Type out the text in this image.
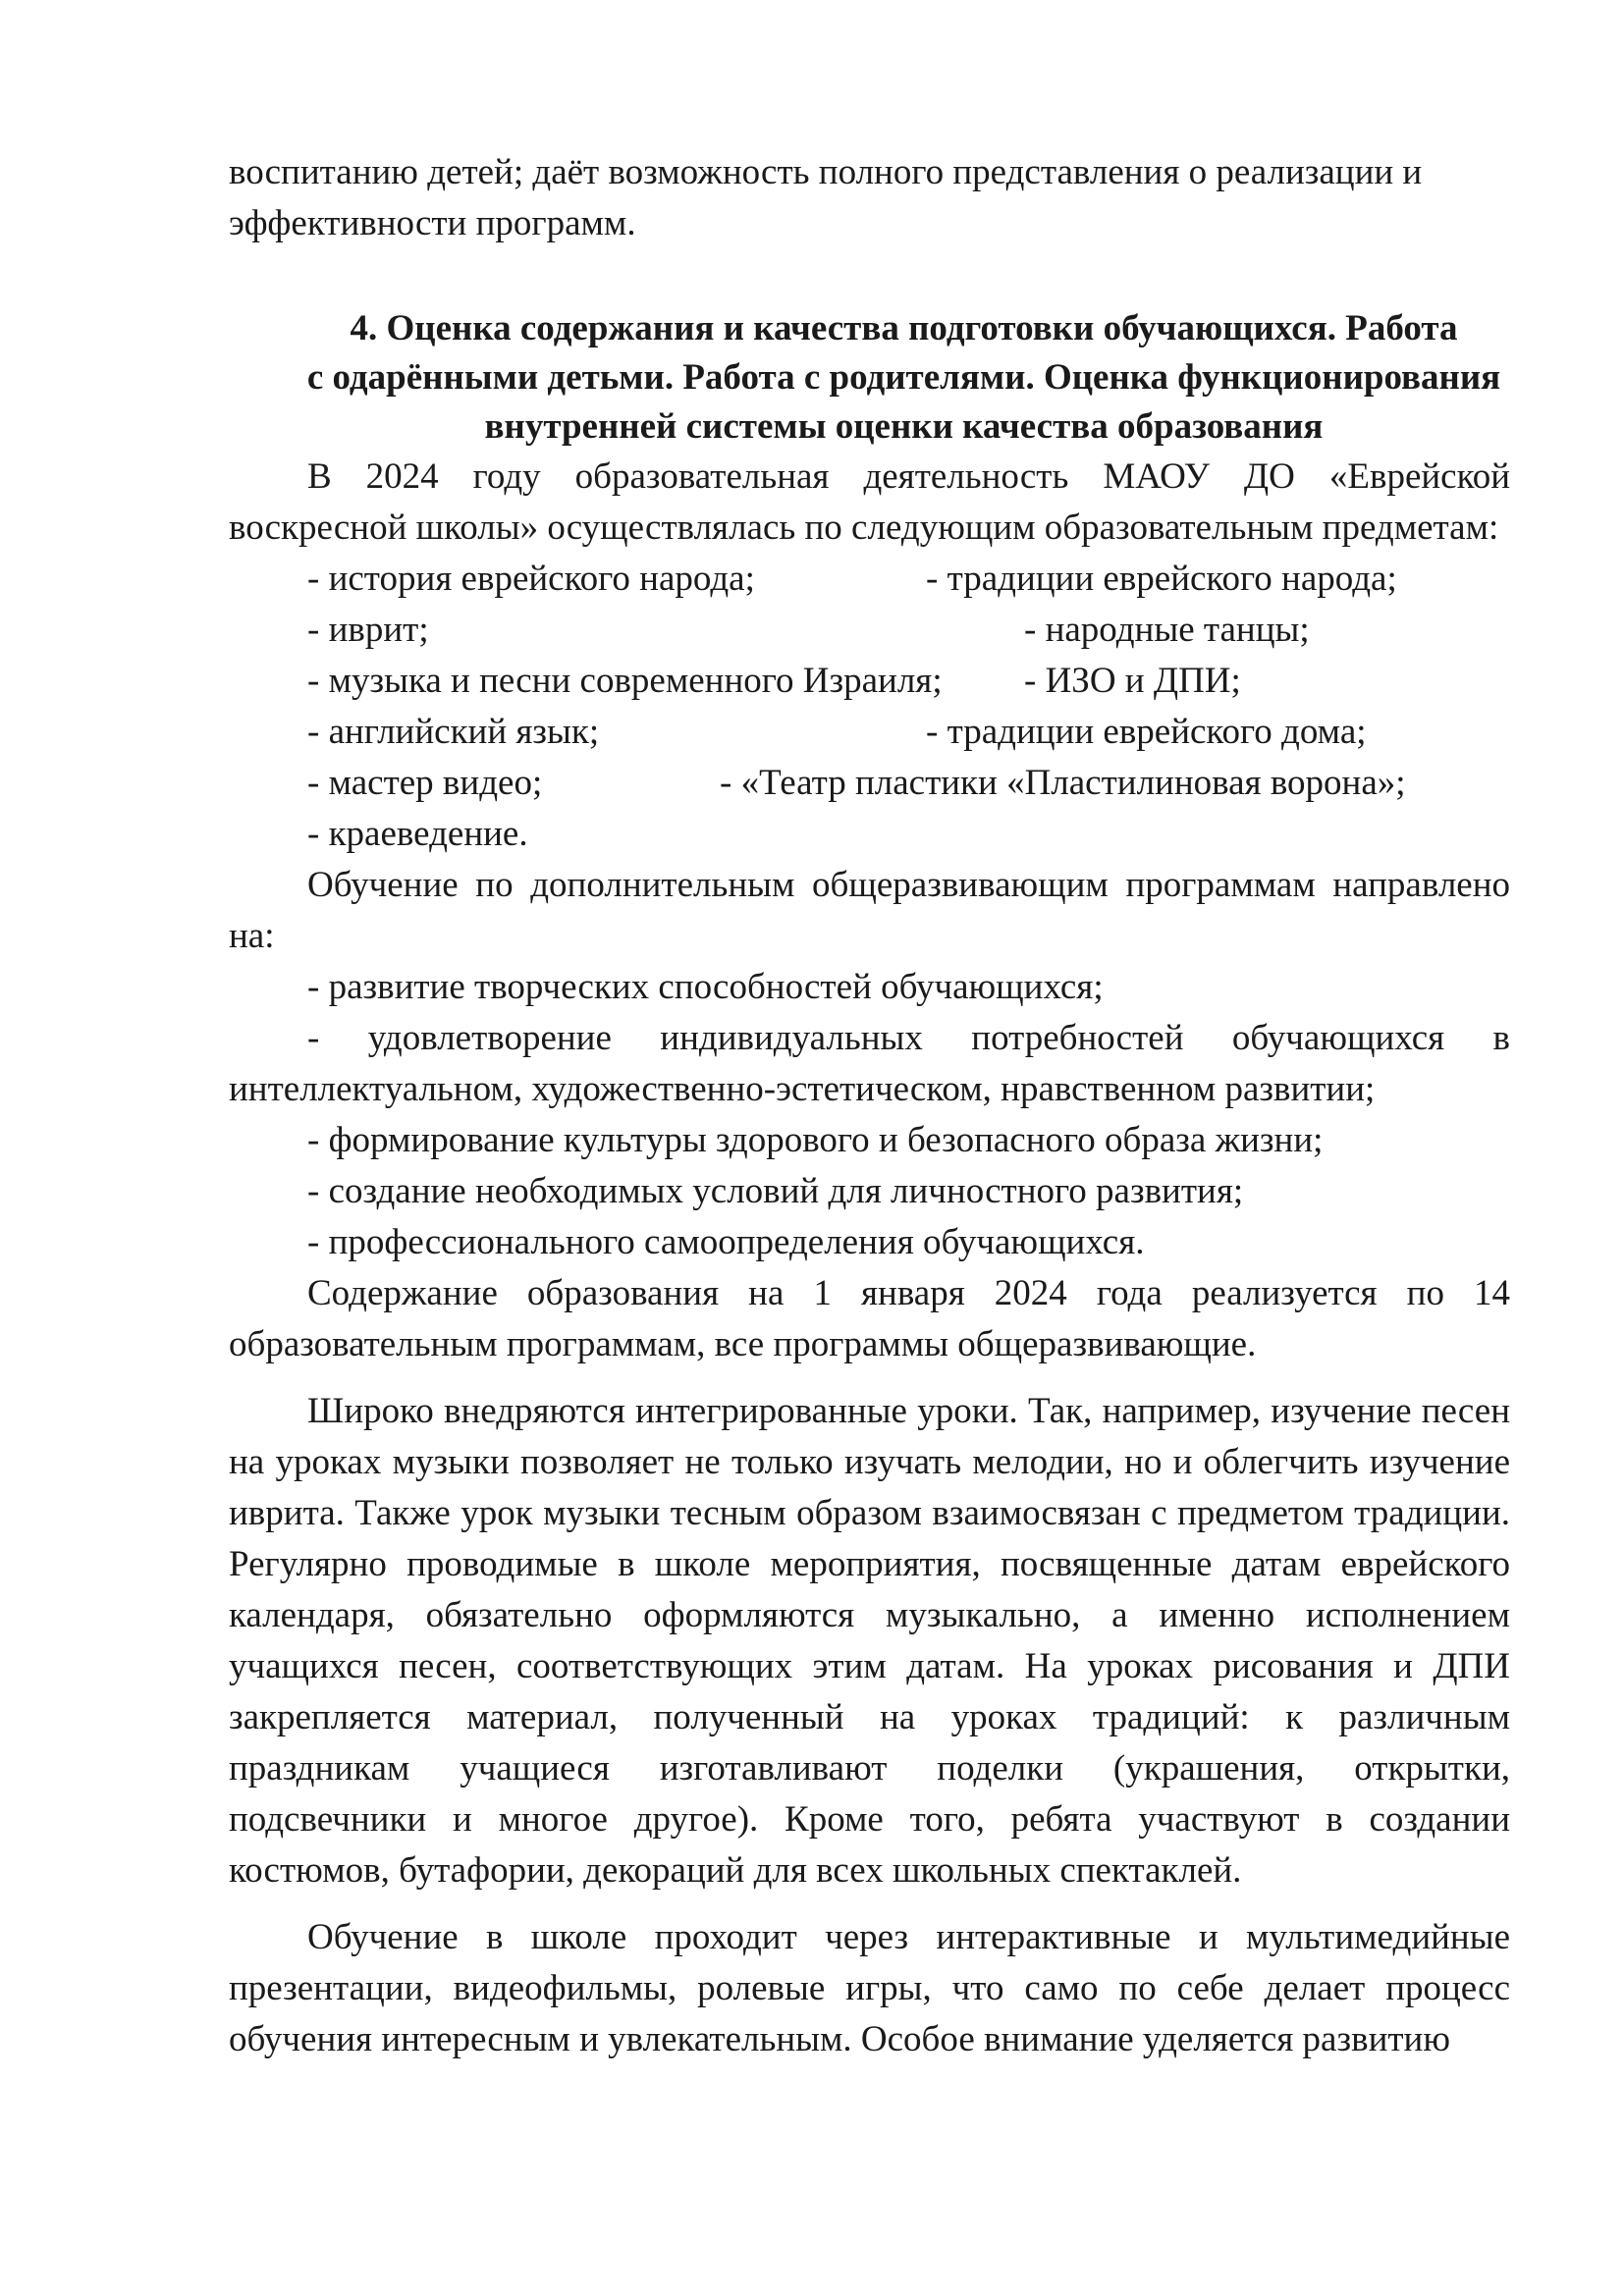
воспитанию детей; даёт возможность полного представления о реализации и
эффективности программ.

4. Оценка содержания и качества подготовки обучающихся. Работа
с одарёнными детьми. Работа с родителями. Оценка функционирования
внутренней системы оценки качества образования

В 2024 году образовательная деятельность МАОУ ДО «Еврейской воскресной школы» осуществлялась по следующим образовательным предметам:

- история еврейского народа;	- традиции еврейского народа;
- иврит;	- народные танцы;
- музыка и песни современного Израиля;	- ИЗО и ДПИ;
- английский язык;	- традиции еврейского дома;
- мастер видео;	- «Театр пластики «Пластилиновая ворона»;
- краеведение.

Обучение по дополнительным общеразвивающим программам направлено на:

- развитие творческих способностей обучающихся;

- удовлетворение индивидуальных потребностей обучающихся в интеллектуальном, художественно-эстетическом, нравственном развитии;

- формирование культуры здорового и безопасного образа жизни;
- создание необходимых условий для личностного развития;
- профессионального самоопределения обучающихся.

Содержание образования на 1 января 2024 года реализуется по 14 образовательным программам, все программы общеразвивающие.

Широко внедряются интегрированные уроки. Так, например, изучение песен на уроках музыки позволяет не только изучать мелодии, но и облегчить изучение иврита. Также урок музыки тесным образом взаимосвязан с предметом традиции. Регулярно проводимые в школе мероприятия, посвященные датам еврейского календаря, обязательно оформляются музыкально, а именно исполнением учащихся песен, соответствующих этим датам. На уроках рисования и ДПИ закрепляется материал, полученный на уроках традиций: к различным праздникам учащиеся изготавливают поделки (украшения, открытки, подсвечники и многое другое). Кроме того, ребята участвуют в создании костюмов, бутафории, декораций для всех школьных спектаклей.

Обучение в школе проходит через интерактивные и мультимедийные презентации, видеофильмы, ролевые игры, что само по себе делает процесс обучения интересным и увлекательным. Особое внимание уделяется развитию
